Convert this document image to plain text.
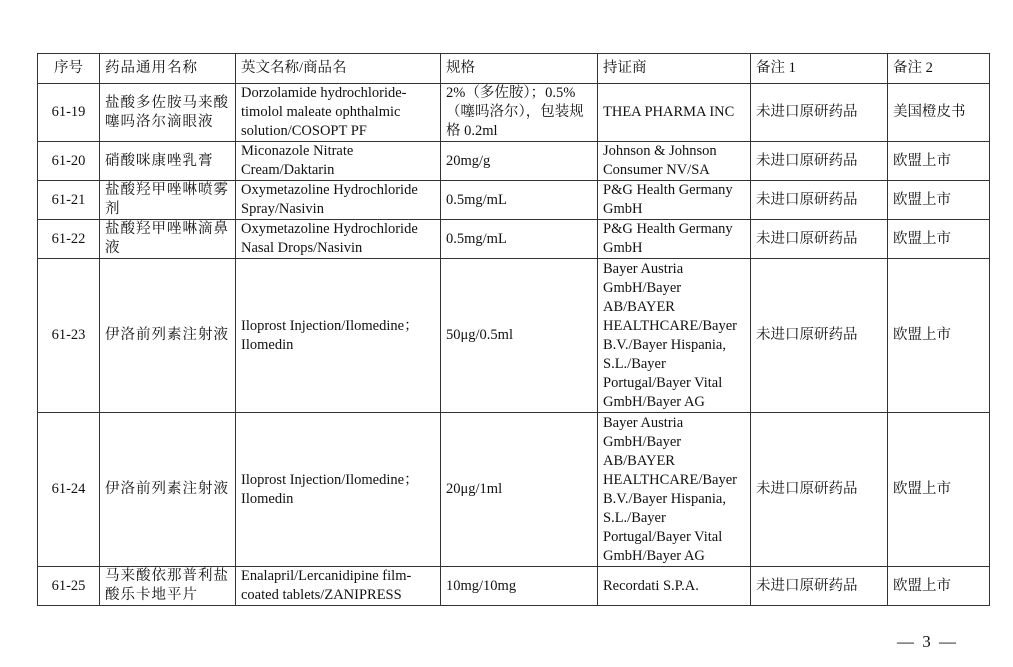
序号	药品通用名称	英文名称/商品名	规格	持证商	备注 1	备注 2
61-19	盐酸多佐胺马来酸噻吗洛尔滴眼液	Dorzolamide hydrochloride-timolol maleate ophthalmic solution/COSOPT PF	2%（多佐胺）；0.5%（噻吗洛尔），包装规格 0.2ml	THEA PHARMA INC	未进口原研药品	美国橙皮书
61-20	硝酸咪康唑乳膏	Miconazole Nitrate Cream/Daktarin	20mg/g	Johnson & Johnson Consumer NV/SA	未进口原研药品	欧盟上市
61-21	盐酸羟甲唑啉喷雾剂	Oxymetazoline Hydrochloride Spray/Nasivin	0.5mg/mL	P&G Health Germany GmbH	未进口原研药品	欧盟上市
61-22	盐酸羟甲唑啉滴鼻液	Oxymetazoline Hydrochloride Nasal Drops/Nasivin	0.5mg/mL	P&G Health Germany GmbH	未进口原研药品	欧盟上市
61-23	伊洛前列素注射液	Iloprost Injection/Ilomedine；Ilomedin	50μg/0.5ml	Bayer Austria GmbH/Bayer AB/BAYER HEALTHCARE/Bayer B.V./Bayer Hispania, S.L./Bayer Portugal/Bayer Vital GmbH/Bayer AG	未进口原研药品	欧盟上市
61-24	伊洛前列素注射液	Iloprost Injection/Ilomedine；Ilomedin	20μg/1ml	Bayer Austria GmbH/Bayer AB/BAYER HEALTHCARE/Bayer B.V./Bayer Hispania, S.L./Bayer Portugal/Bayer Vital GmbH/Bayer AG	未进口原研药品	欧盟上市
61-25	马来酸依那普利盐酸乐卡地平片	Enalapril/Lercanidipine film-coated tablets/ZANIPRESS	10mg/10mg	Recordati S.P.A.	未进口原研药品	欧盟上市
— 3 —
